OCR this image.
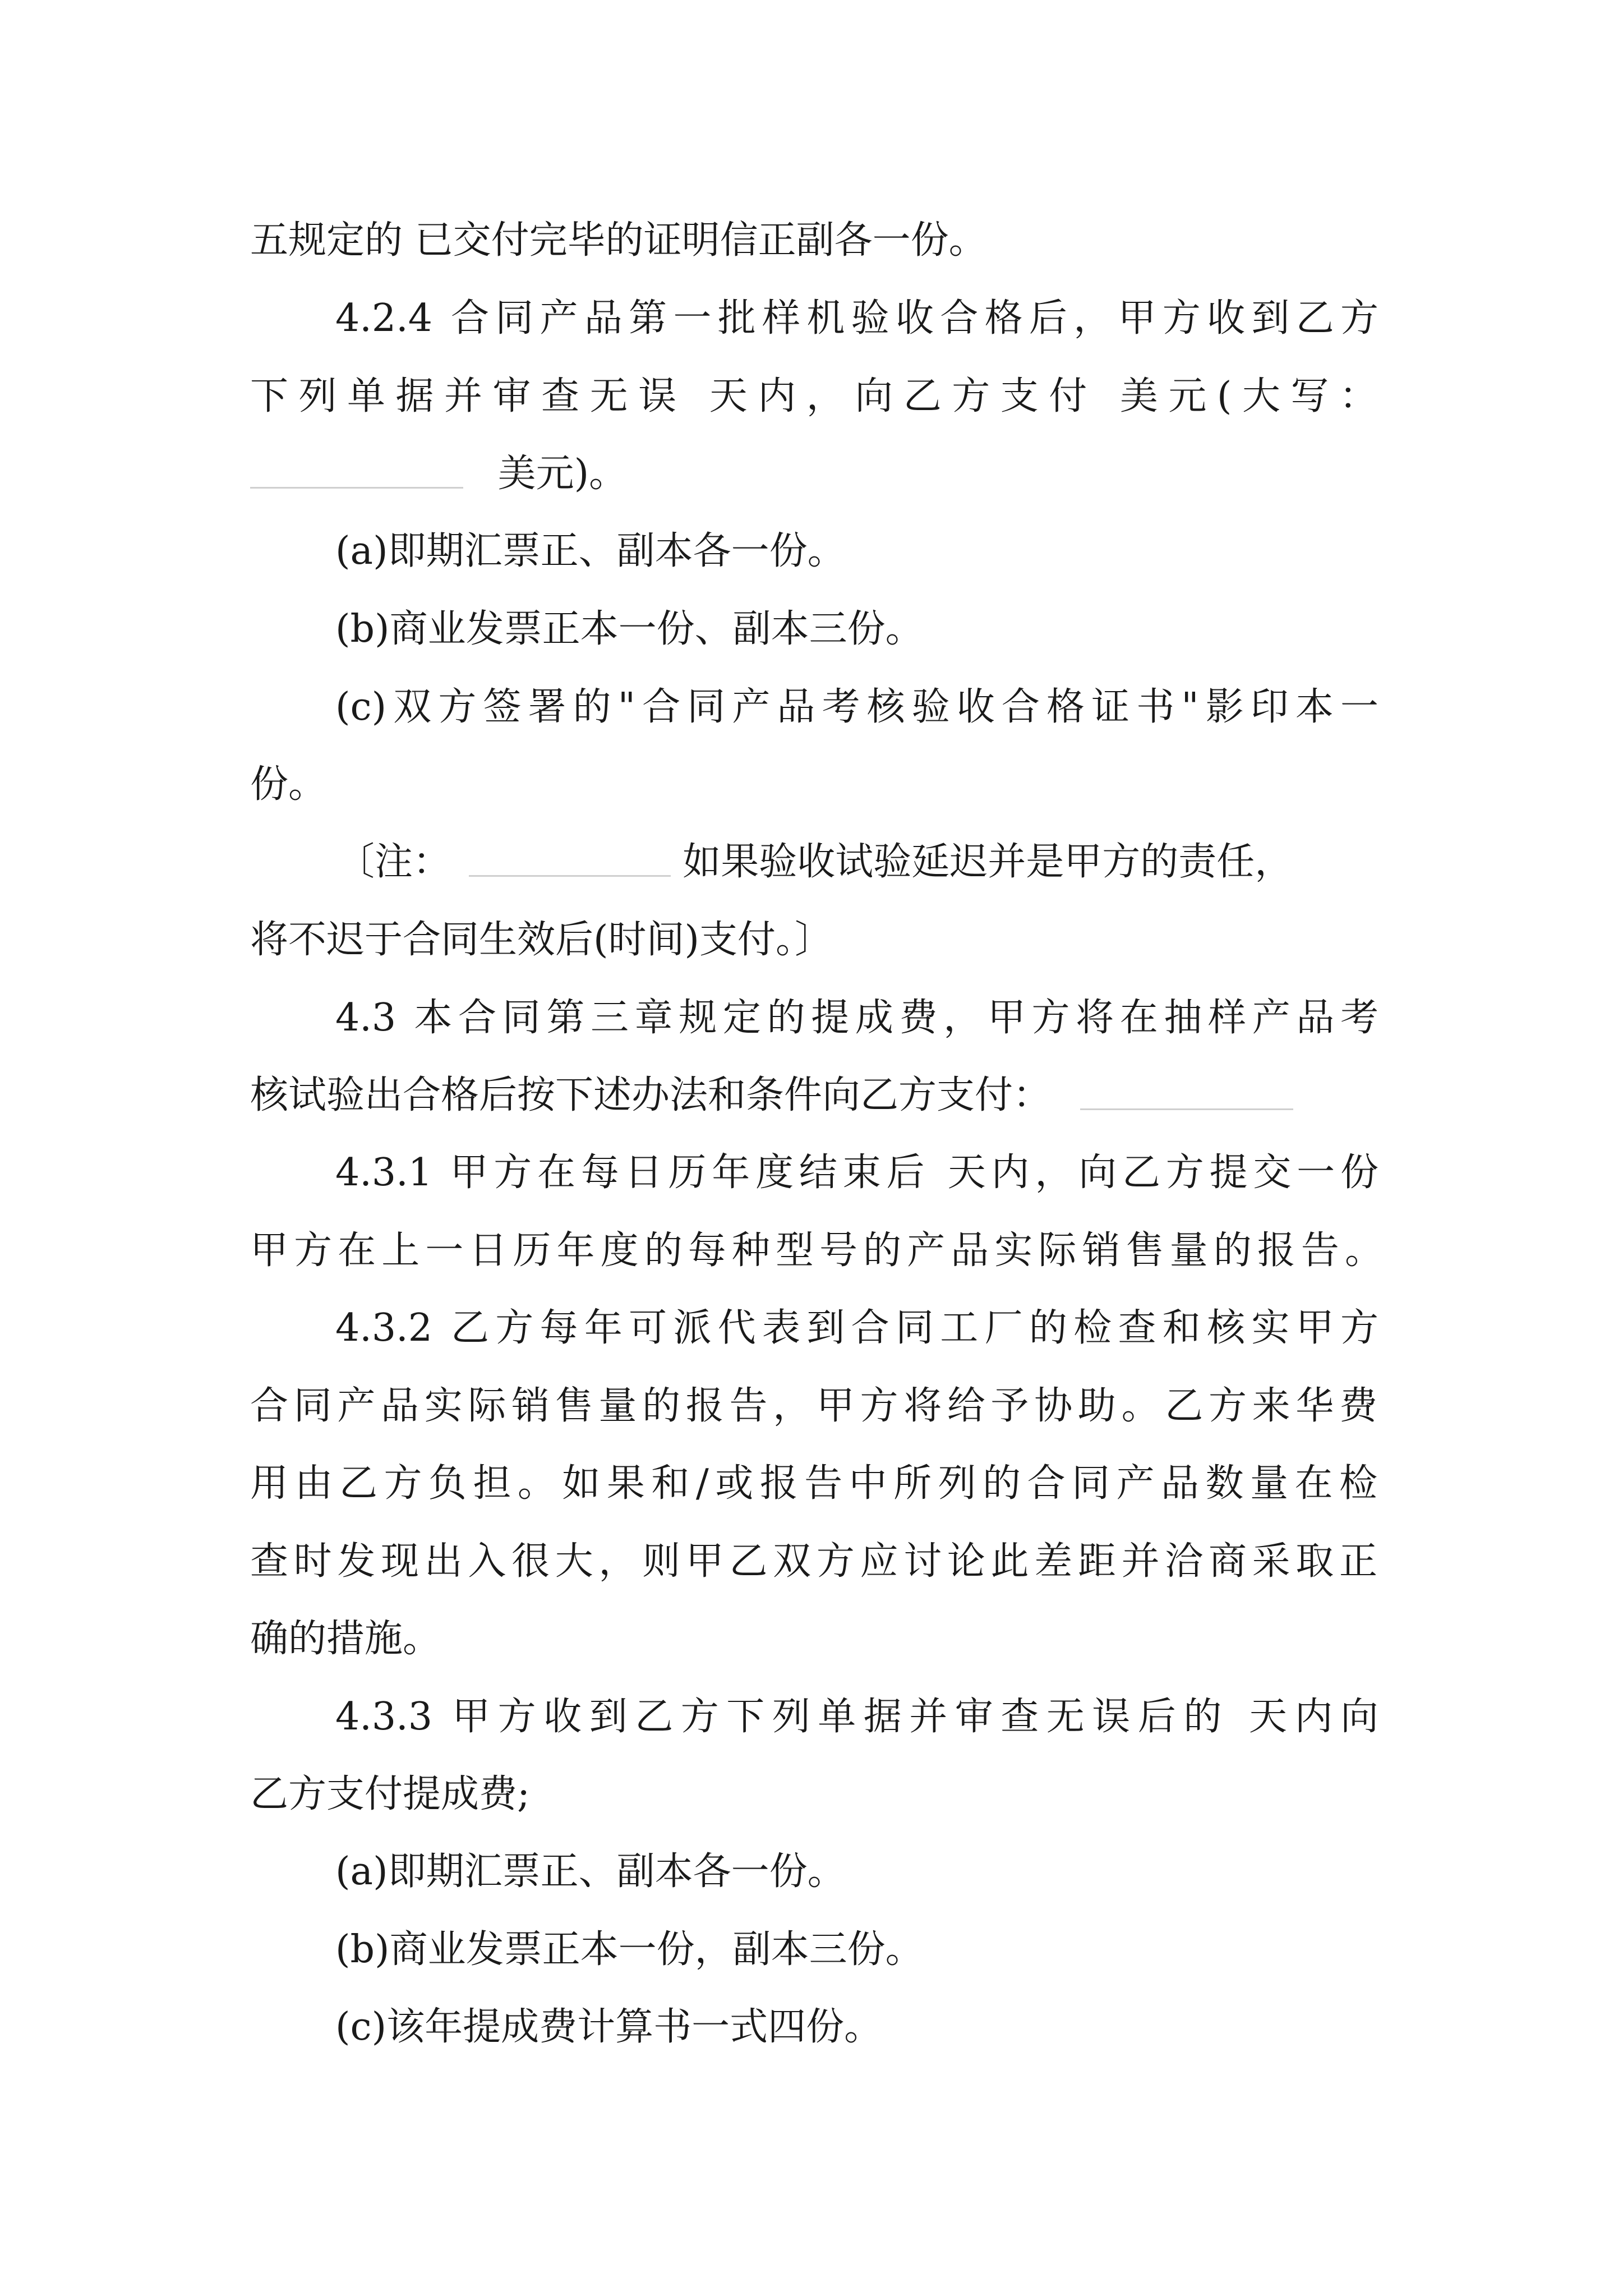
五规定的 已交付完毕的证明信正副各一份。
4.2.4 合同产品第一批样机验收合格后，甲方收到乙方
下列单据并审查无误 天内，向乙方支付 美元(大写：
美元)。
(a)即期汇票正、副本各一份。
(b)商业发票正本一份、副本三份。
(c)双方签署的"合同产品考核验收合格证书"影印本一
份。
〔注：	如果验收试验延迟并是甲方的责任，
将不迟于合同生效后(时间)支付。〕
4.3 本合同第三章规定的提成费，甲方将在抽样产品考
核试验出合格后按下述办法和条件向乙方支付：
4.3.1 甲方在每日历年度结束后 天内，向乙方提交一份
甲方在上一日历年度的每种型号的产品实际销售量的报告。
4.3.2 乙方每年可派代表到合同工厂的检查和核实甲方
合同产品实际销售量的报告，甲方将给予协助。乙方来华费
用由乙方负担。如果和/或报告中所列的合同产品数量在检
查时发现出入很大，则甲乙双方应讨论此差距并洽商采取正
确的措施。
4.3.3 甲方收到乙方下列单据并审查无误后的 天内向
乙方支付提成费;
(a)即期汇票正、副本各一份。
(b)商业发票正本一份，副本三份。
(c)该年提成费计算书一式四份。
